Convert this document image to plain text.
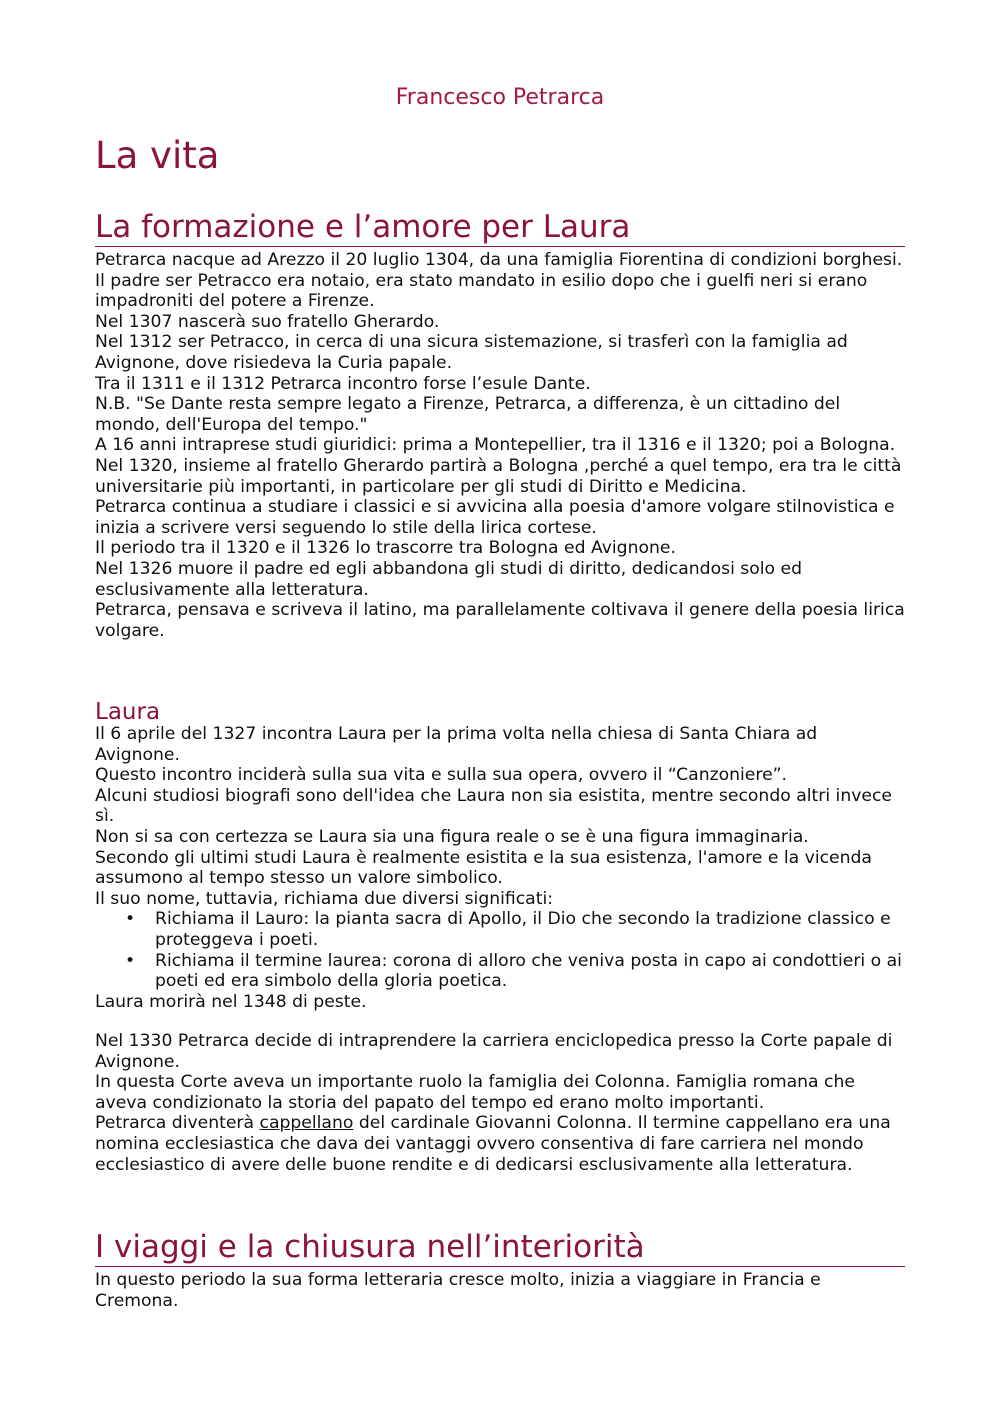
Francesco Petrarca
La vita
La formazione e l’amore per Laura

Petrarca nacque ad Arezzo il 20 luglio 1304, da una famiglia Fiorentina di condizioni borghesi.

Il padre ser Petracco era notaio, era stato mandato in esilio dopo che i guelfi neri si erano impadroniti del potere a Firenze.

Nel 1307 nascerà suo fratello Gherardo.

Nel 1312 ser Petracco, in cerca di una sicura sistemazione, si trasferì con la famiglia ad Avignone, dove risiedeva la Curia papale.

Tra il 1311 e il 1312 Petrarca incontro forse l’esule Dante.

N.B. "Se Dante resta sempre legato a Firenze, Petrarca, a differenza, è un cittadino del mondo, dell'Europa del tempo."

A 16 anni intraprese studi giuridici: prima a Montepellier, tra il 1316 e il 1320; poi a Bologna.

Nel 1320, insieme al fratello Gherardo partirà a Bologna ,perché a quel tempo, era tra le città universitarie più importanti, in particolare per gli studi di Diritto e Medicina.

Petrarca continua a studiare i classici e si avvicina alla poesia d'amore volgare stilnovistica e inizia a scrivere versi seguendo lo stile della lirica cortese.

Il periodo tra il 1320 e il 1326 lo trascorre tra Bologna ed Avignone.

Nel 1326 muore il padre ed egli abbandona gli studi di diritto, dedicandosi solo ed esclusivamente alla letteratura.

Petrarca, pensava e scriveva il latino, ma parallelamente coltivava il genere della poesia lirica volgare.

Laura

Il 6 aprile del 1327 incontra Laura per la prima volta nella chiesa di Santa Chiara ad Avignone.

Questo incontro inciderà sulla sua vita e sulla sua opera, ovvero il “Canzoniere”.

Alcuni studiosi biografi sono dell'idea che Laura non sia esistita, mentre secondo altri invece sì.

Non si sa con certezza se Laura sia una figura reale o se è una figura immaginaria.

Secondo gli ultimi studi Laura è realmente esistita e la sua esistenza, l'amore e la vicenda assumono al tempo stesso un valore simbolico.

Il suo nome, tuttavia, richiama due diversi significati:

• Richiama il Lauro: la pianta sacra di Apollo, il Dio che secondo la tradizione classico e proteggeva i poeti.
• Richiama il termine laurea: corona di alloro che veniva posta in capo ai condottieri o ai poeti ed era simbolo della gloria poetica.

Laura morirà nel 1348 di peste.

Nel 1330 Petrarca decide di intraprendere la carriera enciclopedica presso la Corte papale di Avignone.

In questa Corte aveva un importante ruolo la famiglia dei Colonna. Famiglia romana che aveva condizionato la storia del papato del tempo ed erano molto importanti.

Petrarca diventerà cappellano del cardinale Giovanni Colonna. Il termine cappellano era una nomina ecclesiastica che dava dei vantaggi ovvero consentiva di fare carriera nel mondo ecclesiastico di avere delle buone rendite e di dedicarsi esclusivamente alla letteratura.

I viaggi e la chiusura nell’interiorità

In questo periodo la sua forma letteraria cresce molto, inizia a viaggiare in Francia e Cremona.
